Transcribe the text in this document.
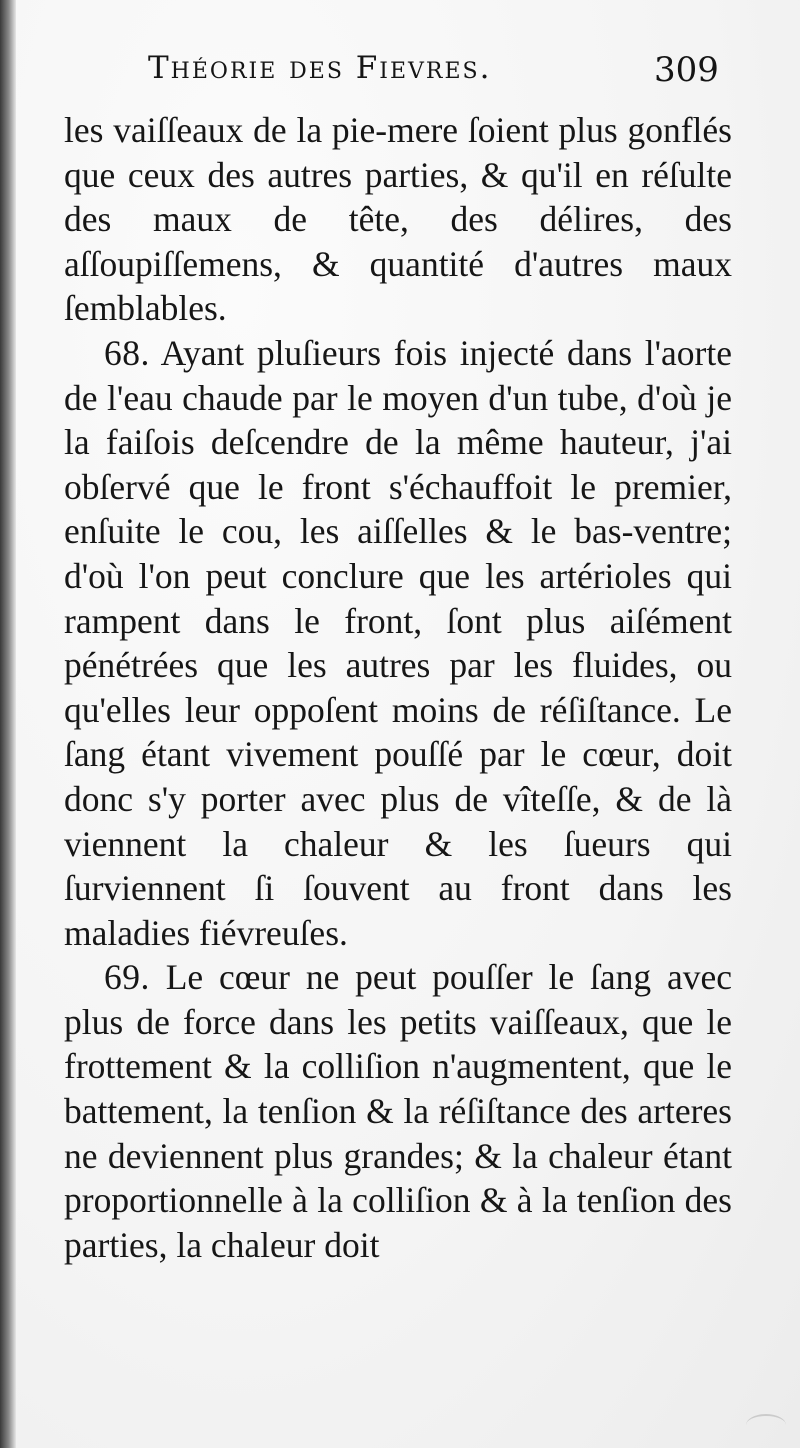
Théorie des Fievres.	309

les vaiſſeaux de la pie-mere ſoient plus gonflés que ceux des autres parties, & qu'il en réſulte des maux de tête, des délires, des aſſoupiſſemens, & quantité d'autres maux ſemblables.

68. Ayant pluſieurs fois injecté dans l'aorte de l'eau chaude par le moyen d'un tube, d'où je la faiſois deſcendre de la même hauteur, j'ai obſervé que le front s'échauffoit le premier, enſuite le cou, les aiſſelles & le bas-ventre; d'où l'on peut conclure que les artérioles qui rampent dans le front, ſont plus aiſément pénétrées que les autres par les fluides, ou qu'elles leur oppoſent moins de réſiſtance. Le ſang étant vivement pouſſé par le cœur, doit donc s'y porter avec plus de vîteſſe, & de là viennent la chaleur & les ſueurs qui ſurviennent ſi ſouvent au front dans les maladies fiévreuſes.

69. Le cœur ne peut pouſſer le ſang avec plus de force dans les petits vaiſſeaux, que le frottement & la colliſion n'augmentent, que le battement, la tenſion & la réſiſtance des arteres ne deviennent plus grandes; & la chaleur étant proportionnelle à la colliſion & à la tenſion des parties, la chaleur doit
